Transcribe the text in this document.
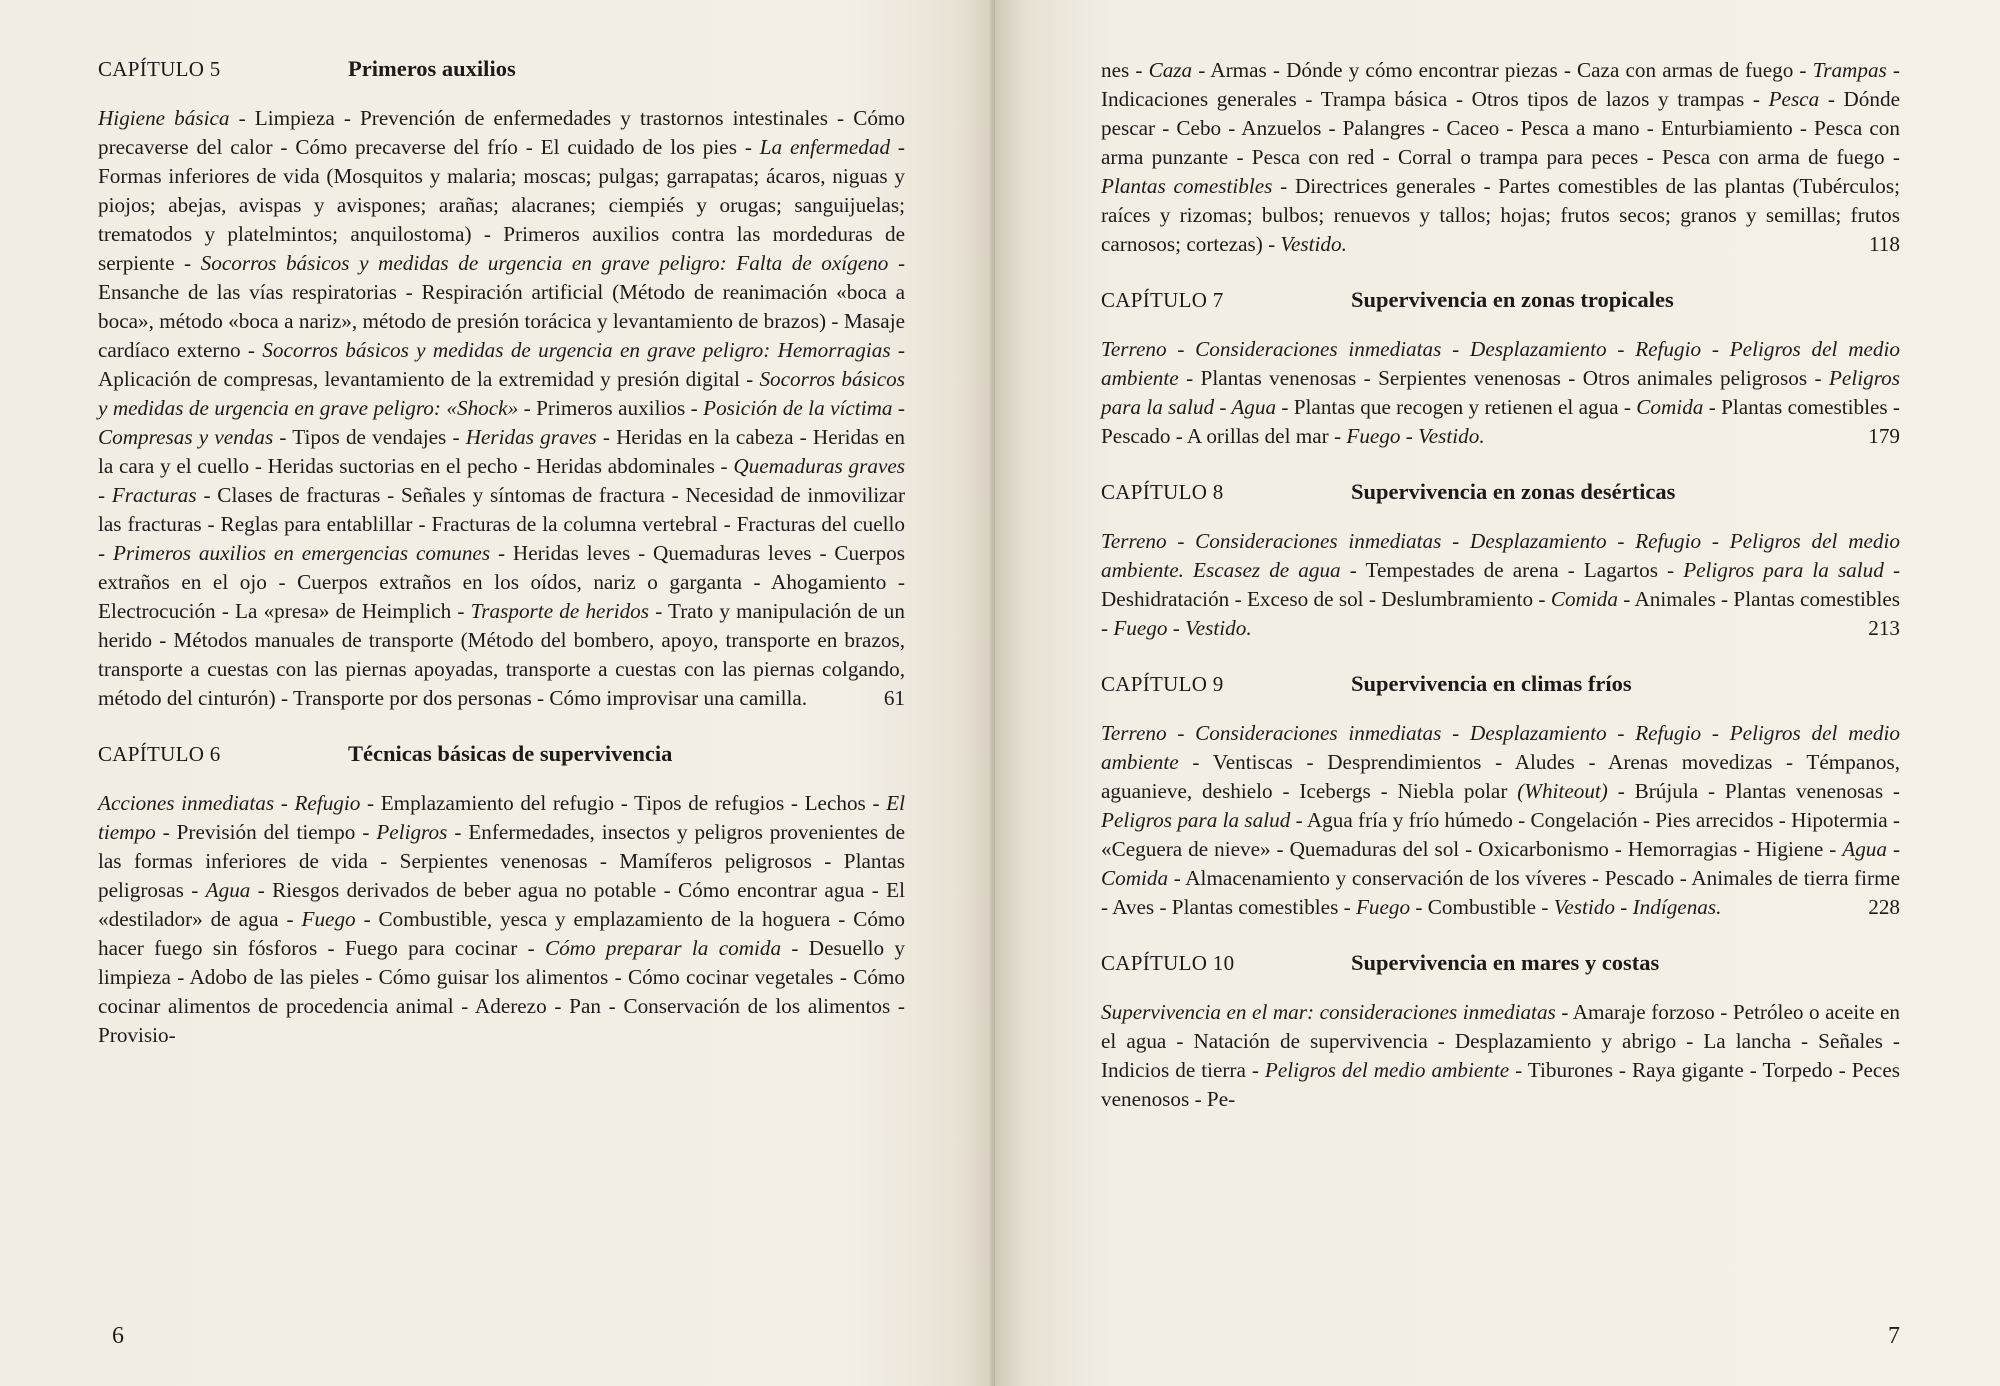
CAPÍTULO 5	Primeros auxilios
Higiene básica - Limpieza - Prevención de enfermedades y trastornos intestinales - Cómo precaverse del calor - Cómo precaverse del frío - El cuidado de los pies - La enfermedad - Formas inferiores de vida (Mosquitos y malaria; moscas; pulgas; garrapatas; ácaros, niguas y piojos; abejas, avispas y avispones; arañas; alacranes; ciempiés y orugas; sanguijuelas; trematodos y platelmintos; anquilostoma) - Primeros auxilios contra las mordeduras de serpiente - Socorros básicos y medidas de urgencia en grave peligro: Falta de oxígeno - Ensanche de las vías respiratorias - Respiración artificial (Método de reanimación «boca a boca», método «boca a nariz», método de presión torácica y levantamiento de brazos) - Masaje cardíaco externo - Socorros básicos y medidas de urgencia en grave peligro: Hemorragias - Aplicación de compresas, levantamiento de la extremidad y presión digital - Socorros básicos y medidas de urgencia en grave peligro: «Shock» - Primeros auxilios - Posición de la víctima - Compresas y vendas - Tipos de vendajes - Heridas graves - Heridas en la cabeza - Heridas en la cara y el cuello - Heridas suctorias en el pecho - Heridas abdominales - Quemaduras graves - Fracturas - Clases de fracturas - Señales y síntomas de fractura - Necesidad de inmovilizar las fracturas - Reglas para entablillar - Fracturas de la columna vertebral - Fracturas del cuello - Primeros auxilios en emergencias comunes - Heridas leves - Quemaduras leves - Cuerpos extraños en el ojo - Cuerpos extraños en los oídos, nariz o garganta - Ahogamiento - Electrocución - La «presa» de Heimplich - Trasporte de heridos - Trato y manipulación de un herido - Métodos manuales de transporte (Método del bombero, apoyo, transporte en brazos, transporte a cuestas con las piernas apoyadas, transporte a cuestas con las piernas colgando, método del cinturón) - Transporte por dos personas - Cómo improvisar una camilla.	61
CAPÍTULO 6	Técnicas básicas de supervivencia
Acciones inmediatas - Refugio - Emplazamiento del refugio - Tipos de refugios - Lechos - El tiempo - Previsión del tiempo - Peligros - Enfermedades, insectos y peligros provenientes de las formas inferiores de vida - Serpientes venenosas - Mamíferos peligrosos - Plantas peligrosas - Agua - Riesgos derivados de beber agua no potable - Cómo encontrar agua - El «destilador» de agua - Fuego - Combustible, yesca y emplazamiento de la hoguera - Cómo hacer fuego sin fósforos - Fuego para cocinar - Cómo preparar la comida - Desuello y limpieza - Adobo de las pieles - Cómo guisar los alimentos - Cómo cocinar vegetales - Cómo cocinar alimentos de procedencia animal - Aderezo - Pan - Conservación de los alimentos - Provisio-
6
nes - Caza - Armas - Dónde y cómo encontrar piezas - Caza con armas de fuego - Trampas - Indicaciones generales - Trampa básica - Otros tipos de lazos y trampas - Pesca - Dónde pescar - Cebo - Anzuelos - Palangres - Caceo - Pesca a mano - Enturbiamiento - Pesca con arma punzante - Pesca con red - Corral o trampa para peces - Pesca con arma de fuego - Plantas comestibles - Directrices generales - Partes comestibles de las plantas (Tubérculos; raíces y rizomas; bulbos; renuevos y tallos; hojas; frutos secos; granos y semillas; frutos carnosos; cortezas) - Vestido.	118
CAPÍTULO 7	Supervivencia en zonas tropicales
Terreno - Consideraciones inmediatas - Desplazamiento - Refugio - Peligros del medio ambiente - Plantas venenosas - Serpientes venenosas - Otros animales peligrosos - Peligros para la salud - Agua - Plantas que recogen y retienen el agua - Comida - Plantas comestibles - Pescado - A orillas del mar - Fuego - Vestido.	179
CAPÍTULO 8	Supervivencia en zonas desérticas
Terreno - Consideraciones inmediatas - Desplazamiento - Refugio - Peligros del medio ambiente. Escasez de agua - Tempestades de arena - Lagartos - Peligros para la salud - Deshidratación - Exceso de sol - Deslumbramiento - Comida - Animales - Plantas comestibles - Fuego - Vestido.	213
CAPÍTULO 9	Supervivencia en climas fríos
Terreno - Consideraciones inmediatas - Desplazamiento - Refugio - Peligros del medio ambiente - Ventiscas - Desprendimientos - Aludes - Arenas movedizas - Témpanos, aguanieve, deshielo - Icebergs - Niebla polar (Whiteout) - Brújula - Plantas venenosas - Peligros para la salud - Agua fría y frío húmedo - Congelación - Pies arrecidos - Hipotermia - «Ceguera de nieve» - Quemaduras del sol - Oxicarbonismo - Hemorragias - Higiene - Agua - Comida - Almacenamiento y conservación de los víveres - Pescado - Animales de tierra firme - Aves - Plantas comestibles - Fuego - Combustible - Vestido - Indígenas.	228
CAPÍTULO 10	Supervivencia en mares y costas
Supervivencia en el mar: consideraciones inmediatas - Amaraje forzoso - Petróleo o aceite en el agua - Natación de supervivencia - Desplazamiento y abrigo - La lancha - Señales - Indicios de tierra - Peligros del medio ambiente - Tiburones - Raya gigante - Torpedo - Peces venenosos - Pe-
7
